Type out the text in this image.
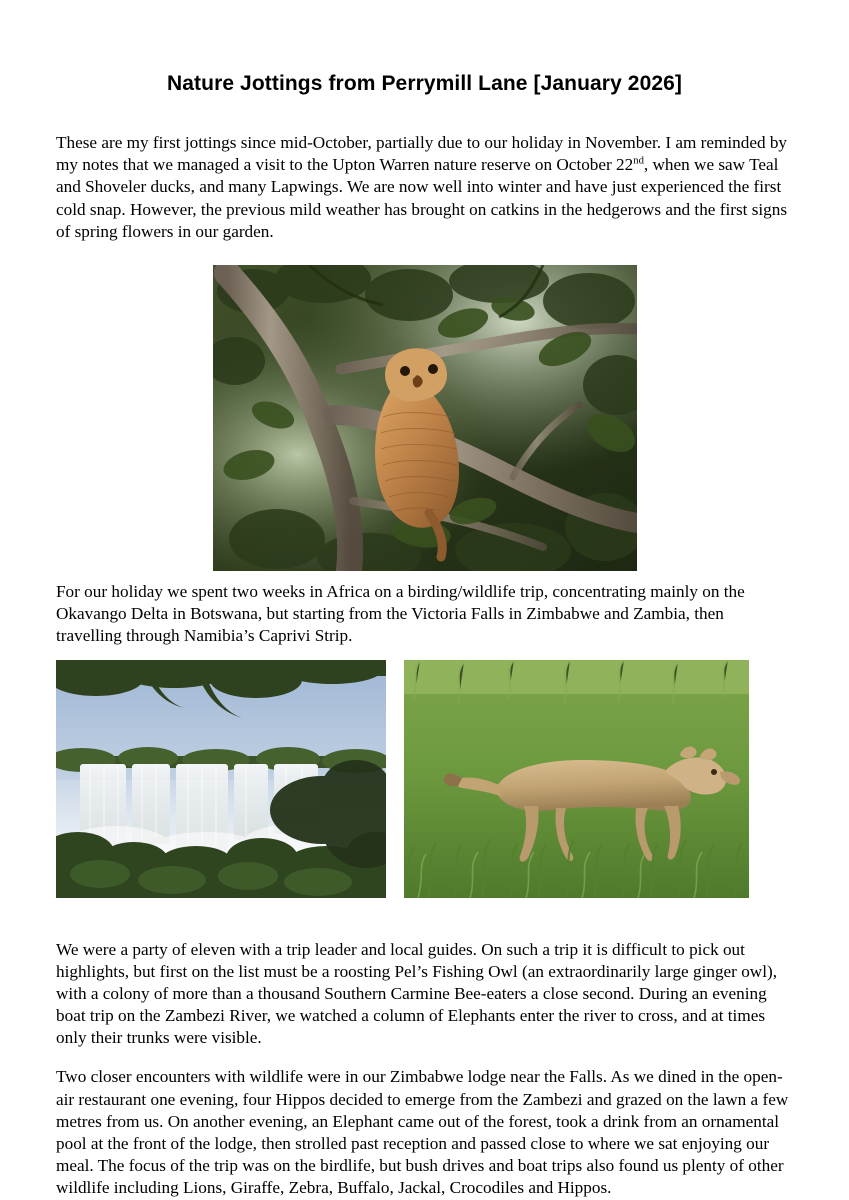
Nature Jottings from Perrymill Lane [January 2026]

These are my first jottings since mid-October, partially due to our holiday in November. I am reminded by my notes that we managed a visit to the Upton Warren nature reserve on October 22nd, when we saw Teal and Shoveler ducks, and many Lapwings. We are now well into winter and have just experienced the first cold snap. However, the previous mild weather has brought on catkins in the hedgerows and the first signs of spring flowers in our garden.

For our holiday we spent two weeks in Africa on a birding/wildlife trip, concentrating mainly on the Okavango Delta in Botswana, but starting from the Victoria Falls in Zimbabwe and Zambia, then travelling through Namibia’s Caprivi Strip.

We were a party of eleven with a trip leader and local guides. On such a trip it is difficult to pick out highlights, but first on the list must be a roosting Pel’s Fishing Owl (an extraordinarily large ginger owl), with a colony of more than a thousand Southern Carmine Bee-eaters a close second. During an evening boat trip on the Zambezi River, we watched a column of Elephants enter the river to cross, and at times only their trunks were visible.

Two closer encounters with wildlife were in our Zimbabwe lodge near the Falls. As we dined in the open-air restaurant one evening, four Hippos decided to emerge from the Zambezi and grazed on the lawn a few metres from us. On another evening, an Elephant came out of the forest, took a drink from an ornamental pool at the front of the lodge, then strolled past reception and passed close to where we sat enjoying our meal. The focus of the trip was on the birdlife, but bush drives and boat trips also found us plenty of other wildlife including Lions, Giraffe, Zebra, Buffalo, Jackal, Crocodiles and Hippos.
